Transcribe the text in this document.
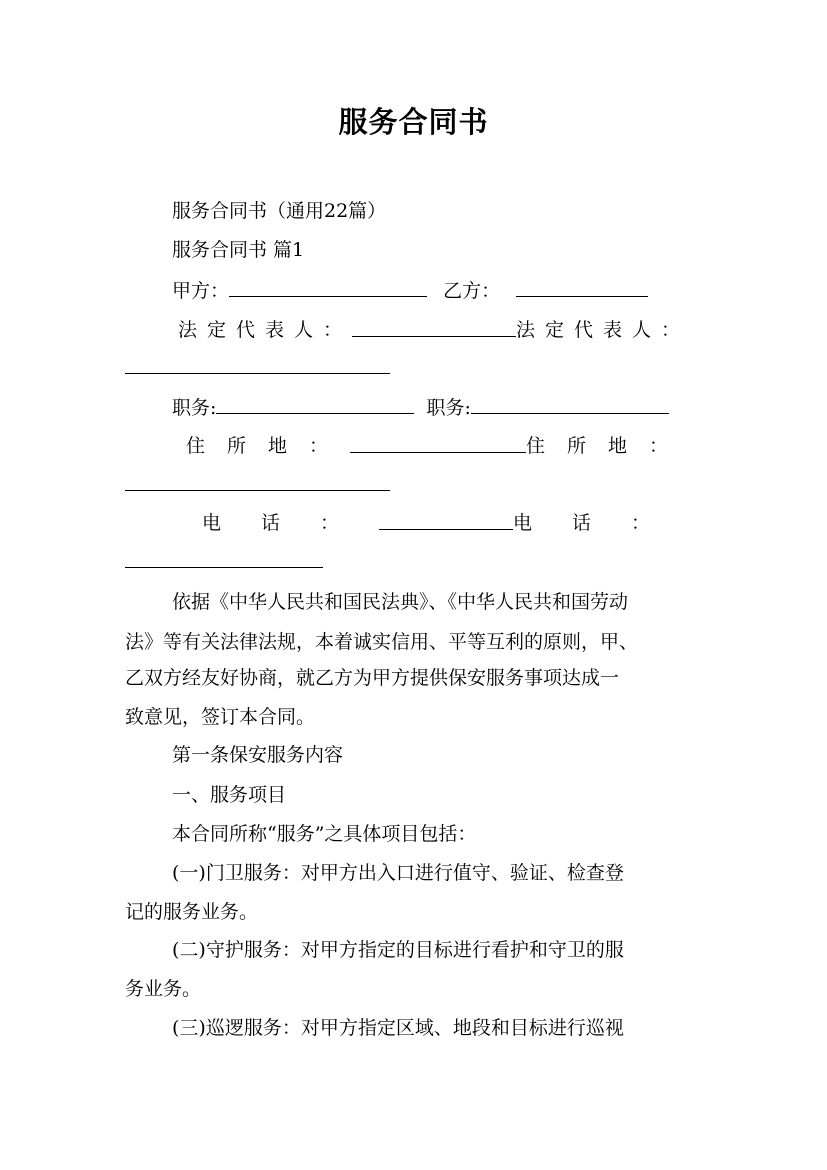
服务合同书
服务合同书（通用22篇）
服务合同书 篇1
甲方：	乙方：
法定代表人：	法定代表人：
职务:	职务:
住所地：	住所地：
电话：	电话：
依据《中华人民共和国民法典》、《中华人民共和国劳动
法》等有关法律法规，本着诚实信用、平等互利的原则，甲、
乙双方经友好协商，就乙方为甲方提供保安服务事项达成一
致意见，签订本合同。
第一条保安服务内容
一、服务项目
本合同所称“服务”之具体项目包括：
(一)门卫服务：对甲方出入口进行值守、验证、检查登
记的服务业务。
(二)守护服务：对甲方指定的目标进行看护和守卫的服
务业务。
(三)巡逻服务：对甲方指定区域、地段和目标进行巡视
